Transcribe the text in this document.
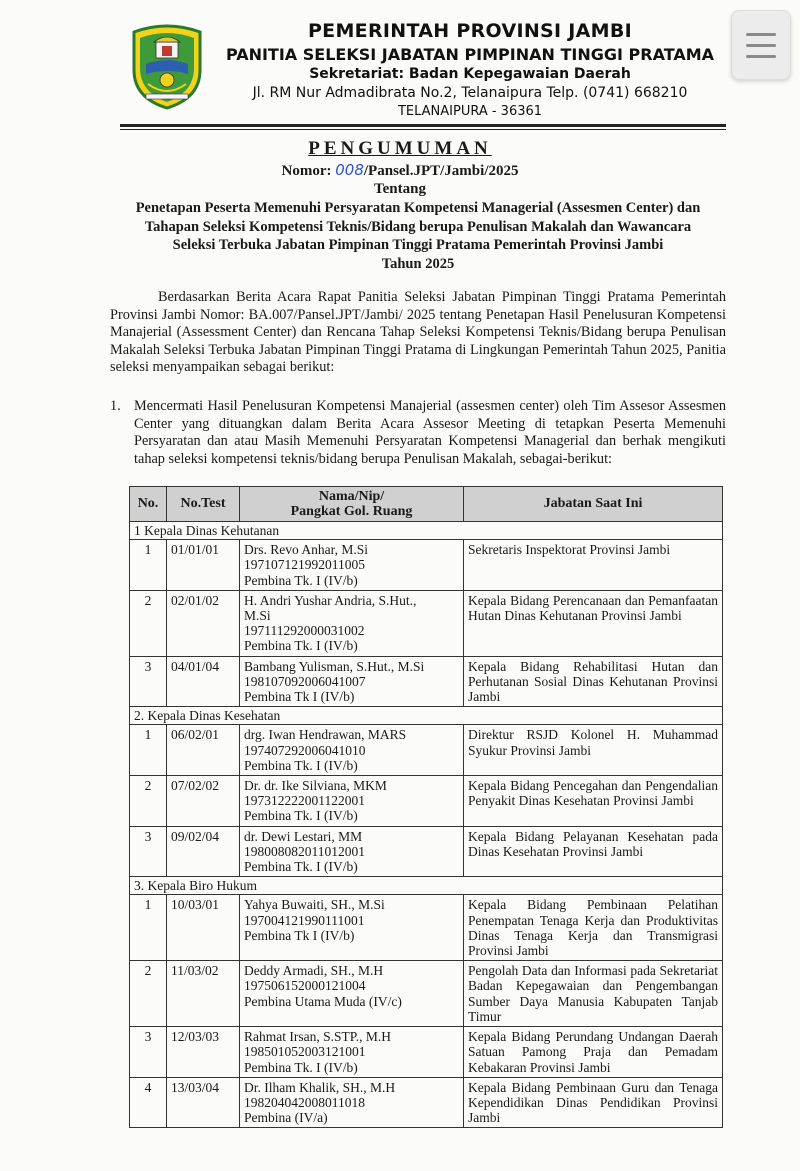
PEMERINTAH PROVINSI JAMBI
PANITIA SELEKSI JABATAN PIMPINAN TINGGI PRATAMA
Sekretariat: Badan Kepegawaian Daerah
Jl. RM Nur Admadibrata No.2, Telanaipura Telp. (0741) 668210
TELANAIPURA - 36361
PENGUMUMAN
Nomor: 008/Pansel.JPT/Jambi/2025
Tentang
Penetapan Peserta Memenuhi Persyaratan Kompetensi Managerial (Assesmen Center) dan
Tahapan Seleksi Kompetensi Teknis/Bidang berupa Penulisan Makalah dan Wawancara
Seleksi Terbuka Jabatan Pimpinan Tinggi Pratama Pemerintah Provinsi Jambi
Tahun 2025
Berdasarkan Berita Acara Rapat Panitia Seleksi Jabatan Pimpinan Tinggi Pratama Pemerintah Provinsi Jambi Nomor: BA.007/Pansel.JPT/Jambi/ 2025 tentang Penetapan Hasil Penelusuran Kompetensi Manajerial (Assessment Center) dan Rencana Tahap Seleksi Kompetensi Teknis/Bidang berupa Penulisan Makalah Seleksi Terbuka Jabatan Pimpinan Tinggi Pratama di Lingkungan Pemerintah Tahun 2025, Panitia seleksi menyampaikan sebagai berikut:
1. Mencermati Hasil Penelusuran Kompetensi Manajerial (assesmen center) oleh Tim Assesor Assesmen Center yang dituangkan dalam Berita Acara Assesor Meeting di tetapkan Peserta Memenuhi Persyaratan dan atau Masih Memenuhi Persyaratan Kompetensi Managerial dan berhak mengikuti tahap seleksi kompetensi teknis/bidang berupa Penulisan Makalah, sebagai-berikut:
No.	No.Test	Nama/Nip/
Pangkat Gol. Ruang	Jabatan Saat Ini
1 Kepala Dinas Kehutanan			
1	01/01/01	Drs. Revo Anhar, M.Si
197107121992011005
Pembina Tk. I (IV/b)	Sekretaris Inspektorat Provinsi Jambi
2	02/01/02	H. Andri Yushar Andria, S.Hut.,
M.Si
197111292000031002
Pembina Tk. I (IV/b)	Kepala Bidang Perencanaan dan Pemanfaatan Hutan Dinas Kehutanan Provinsi Jambi
3	04/01/04	Bambang Yulisman, S.Hut., M.Si
198107092006041007
Pembina Tk I (IV/b)	Kepala Bidang Rehabilitasi Hutan dan Perhutanan Sosial Dinas Kehutanan Provinsi Jambi
2. Kepala Dinas Kesehatan			
1	06/02/01	drg. Iwan Hendrawan, MARS
197407292006041010
Pembina Tk. I (IV/b)	Direktur RSJD Kolonel H. Muhammad Syukur Provinsi Jambi
2	07/02/02	Dr. dr. Ike Silviana, MKM
197312222001122001
Pembina Tk. I (IV/b)	Kepala Bidang Pencegahan dan Pengendalian Penyakit Dinas Kesehatan Provinsi Jambi
3	09/02/04	dr. Dewi Lestari, MM
198008082011012001
Pembina Tk. I (IV/b)	Kepala Bidang Pelayanan Kesehatan pada Dinas Kesehatan Provinsi Jambi
3. Kepala Biro Hukum			
1	10/03/01	Yahya Buwaiti, SH., M.Si
197004121990111001
Pembina Tk I (IV/b)	Kepala Bidang Pembinaan Pelatihan Penempatan Tenaga Kerja dan Produktivitas Dinas Tenaga Kerja dan Transmigrasi Provinsi Jambi
2	11/03/02	Deddy Armadi, SH., M.H
197506152000121004
Pembina Utama Muda (IV/c)	Pengolah Data dan Informasi pada Sekretariat Badan Kepegawaian dan Pengembangan Sumber Daya Manusia Kabupaten Tanjab Timur
3	12/03/03	Rahmat Irsan, S.STP., M.H
198501052003121001
Pembina Tk. I (IV/b)	Kepala Bidang Perundang Undangan Daerah Satuan Pamong Praja dan Pemadam Kebakaran Provinsi Jambi
4	13/03/04	Dr. Ilham Khalik, SH., M.H
198204042008011018
Pembina (IV/a)	Kepala Bidang Pembinaan Guru dan Tenaga Kependidikan Dinas Pendidikan Provinsi Jambi
